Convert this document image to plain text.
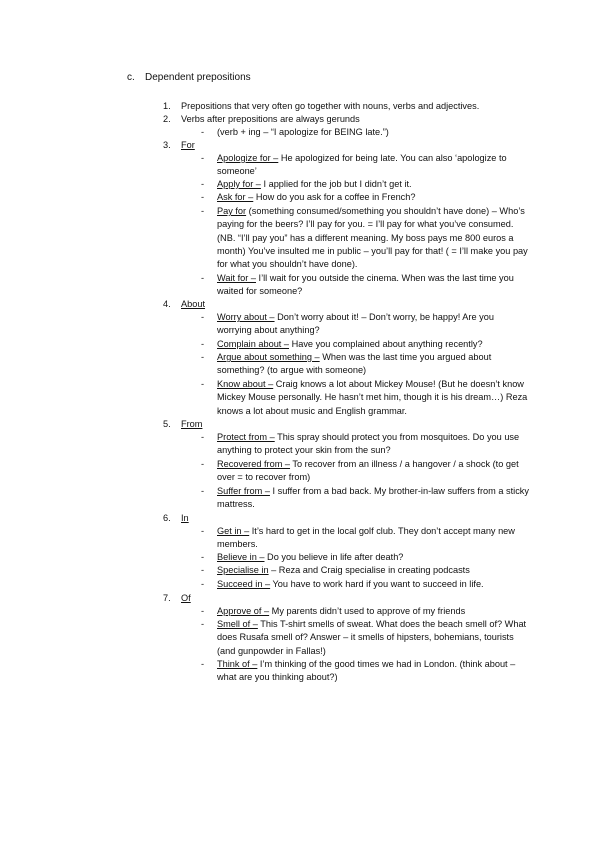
c. Dependent prepositions
1. Prepositions that very often go together with nouns, verbs and adjectives.
2. Verbs after prepositions are always gerunds
- (verb + ing – “I apologize for BEING late.”)
3. For
- Apologize for – He apologized for being late. You can also ‘apologize to someone’
- Apply for – I applied for the job but I didn’t get it.
- Ask for – How do you ask for a coffee in French?
- Pay for (something consumed/something you shouldn’t have done) – Who’s paying for the beers? I’ll pay for you. = I’ll pay for what you’ve consumed. (NB. “I’ll pay you” has a different meaning. My boss pays me 800 euros a month) You’ve insulted me in public – you’ll pay for that! ( = I’ll make you pay for what you shouldn’t have done).
- Wait for – I’ll wait for you outside the cinema. When was the last time you waited for someone?
4. About
- Worry about – Don’t worry about it! – Don’t worry, be happy! Are you worrying about anything?
- Complain about – Have you complained about anything recently?
- Argue about something – When was the last time you argued about something? (to argue with someone)
- Know about – Craig knows a lot about Mickey Mouse! (But he doesn’t know Mickey Mouse personally. He hasn’t met him, though it is his dream…) Reza knows a lot about music and English grammar.
5. From
- Protect from – This spray should protect you from mosquitoes. Do you use anything to protect your skin from the sun?
- Recovered from – To recover from an illness / a hangover / a shock (to get over = to recover from)
- Suffer from – I suffer from a bad back. My brother-in-law suffers from a sticky mattress.
6. In
- Get in – It’s hard to get in the local golf club. They don’t accept many new members.
- Believe in – Do you believe in life after death?
- Specialise in – Reza and Craig specialise in creating podcasts
- Succeed in – You have to work hard if you want to succeed in life.
7. Of
- Approve of – My parents didn’t used to approve of my friends
- Smell of – This T-shirt smells of sweat. What does the beach smell of? What does Rusafa smell of? Answer – it smells of hipsters, bohemians, tourists (and gunpowder in Fallas!)
- Think of – I’m thinking of the good times we had in London. (think about – what are you thinking about?)
